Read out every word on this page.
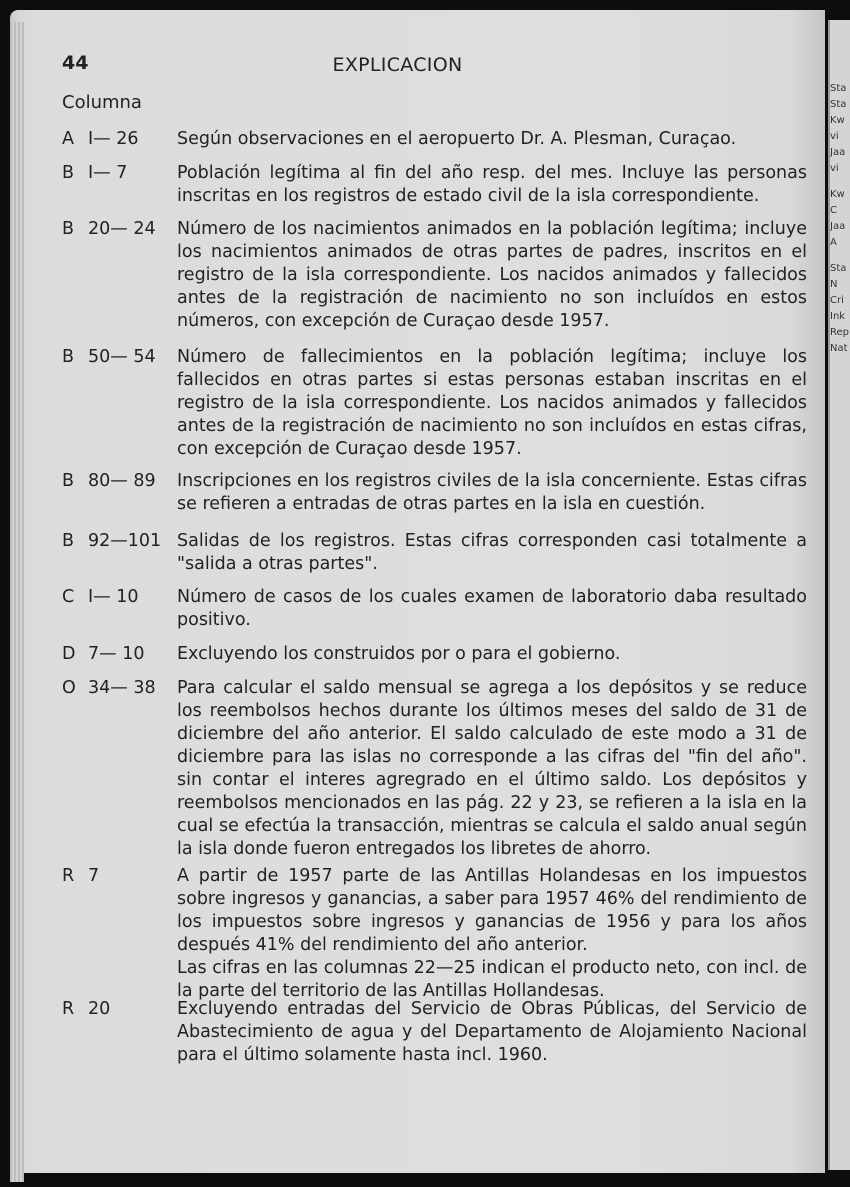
44	EXPLICACION
Columna
A I— 26	Según observaciones en el aeropuerto Dr. A. Plesman, Curaçao.

B I— 7	Población legítima al fin del año resp. del mes. Incluye las personas inscritas en los registros de estado civil de la isla correspondiente.

B 20— 24	Número de los nacimientos animados en la población legítima; incluye los nacimientos animados de otras partes de padres, inscritos en el registro de la isla correspondiente. Los nacidos animados y fallecidos antes de la registración de nacimiento no son incluídos en estos números, con excepción de Curaçao desde 1957.

B 50— 54	Número de fallecimientos en la población legítima; incluye los fallecidos en otras partes si estas personas estaban inscritas en el registro de la isla correspondiente. Los nacidos animados y fallecidos antes de la registración de nacimiento no son incluídos en estas cifras, con excepción de Curaçao desde 1957.

B 80— 89	Inscripciones en los registros civiles de la isla concerniente. Estas cifras se refieren a entradas de otras partes en la isla en cuestión.

B 92—101 Salidas de los registros. Estas cifras corresponden casi totalmente a "salida a otras partes".

C I— 10	Número de casos de los cuales examen de laboratorio daba resultado positivo.

D 7— 10	Excluyendo los construidos por o para el gobierno.

O 34— 38	Para calcular el saldo mensual se agrega a los depósitos y se reduce los reembolsos hechos durante los últimos meses del saldo de 31 de diciembre del año anterior. El saldo calculado de este modo a 31 de diciembre para las islas no corresponde a las cifras del "fin del año". sin contar el interes agregrado en el último saldo. Los depósitos y reembolsos mencionados en las pág. 22 y 23, se refieren a la isla en la cual se efectúa la transacción, mientras se calcula el saldo anual según la isla donde fueron entregados los libretes de ahorro.

R 7	A partir de 1957 parte de las Antillas Holandesas en los impuestos sobre ingresos y ganancias, a saber para 1957 46% del rendimiento de los impuestos sobre ingresos y ganancias de 1956 y para los años después 41% del rendimiento del año anterior.

Las cifras en las columnas 22—25 indican el producto neto, con incl. de la parte del territorio de las Antillas Hollandesas.

R 20	Excluyendo entradas del Servicio de Obras Públicas, del Servicio de Abastecimiento de agua y del Departamento de Alojamiento Nacional para el último solamente hasta incl. 1960.

Sta
Sta
Kw
vi
Jaa
vi
Kw
C
Jaa
A
Sta
N
Cri
Ink
Rep
Nat
